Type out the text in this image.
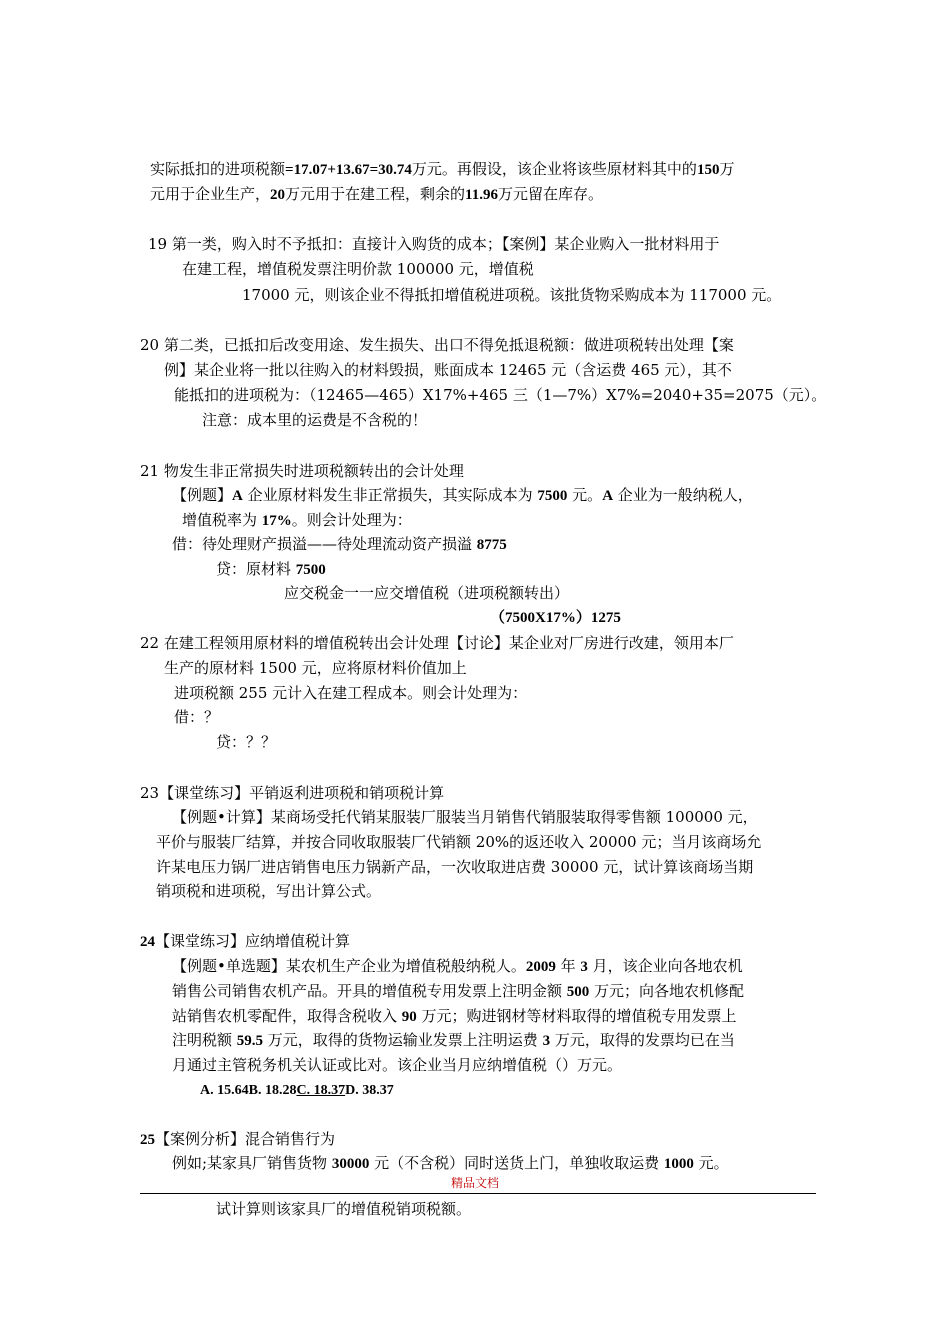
实际抵扣的进项税额=17.07+13.67=30.74万元。再假设，该企业将该些原材料其中的150万
元用于企业生产，20万元用于在建工程，剩余的11.96万元留在库存。
19 第一类，购入时不予抵扣：直接计入购货的成本；【案例】某企业购入一批材料用于
在建工程，增值税发票注明价款 100000 元，增值税
17000 元，则该企业不得抵扣增值税进项税。该批货物采购成本为 117000 元。
20 第二类，已抵扣后改变用途、发生损失、出口不得免抵退税额：做进项税转出处理【案
例】某企业将一批以往购入的材料毁损，账面成本 12465 元（含运费 465 元），其不
能抵扣的进项税为：（12465—465）X17%+465 三（1—7%）X7%=2040+35=2075（元）。
注意：成本里的运费是不含税的！
21 物发生非正常损失时进项税额转出的会计处理
【例题】A 企业原材料发生非正常损失，其实际成本为 7500 元。A 企业为一般纳税人，
增值税率为 17%。则会计处理为：
借：待处理财产损溢——待处理流动资产损溢 8775
贷：原材料 7500
应交税金一一应交增值税（进项税额转出）
（7500X17%）1275
22 在建工程领用原材料的增值税转出会计处理【讨论】某企业对厂房进行改建，领用本厂
生产的原材料 1500 元，应将原材料价值加上
进项税额 255 元计入在建工程成本。则会计处理为：
借：？
贷：？？
23【课堂练习】平销返利进项税和销项税计算
【例题•计算】某商场受托代销某服装厂服装当月销售代销服装取得零售额 100000 元，
平价与服装厂结算，并按合同收取服装厂代销额 20%的返还收入 20000 元；当月该商场允
许某电压力锅厂进店销售电压力锅新产品，一次收取进店费 30000 元，试计算该商场当期
销项税和进项税，写出计算公式。
24【课堂练习】应纳增值税计算
【例题•单选题】某农机生产企业为增值税般纳税人。2009 年 3 月，该企业向各地农机
销售公司销售农机产品。开具的增值税专用发票上注明金额 500 万元；向各地农机修配
站销售农机零配件，取得含税收入 90 万元；购进钢材等材料取得的增值税专用发票上
注明税额 59.5 万元，取得的货物运输业发票上注明运费 3 万元，取得的发票均已在当
月通过主管税务机关认证或比对。该企业当月应纳增值税（）万元。
A. 15.64B. 18.28C. 18.37D. 38.37
25【案例分析】混合销售行为
例如;某家具厂销售货物 30000 元（不含税）同时送货上门，单独收取运费 1000 元。
精品文档
试计算则该家具厂的增值税销项税额。
